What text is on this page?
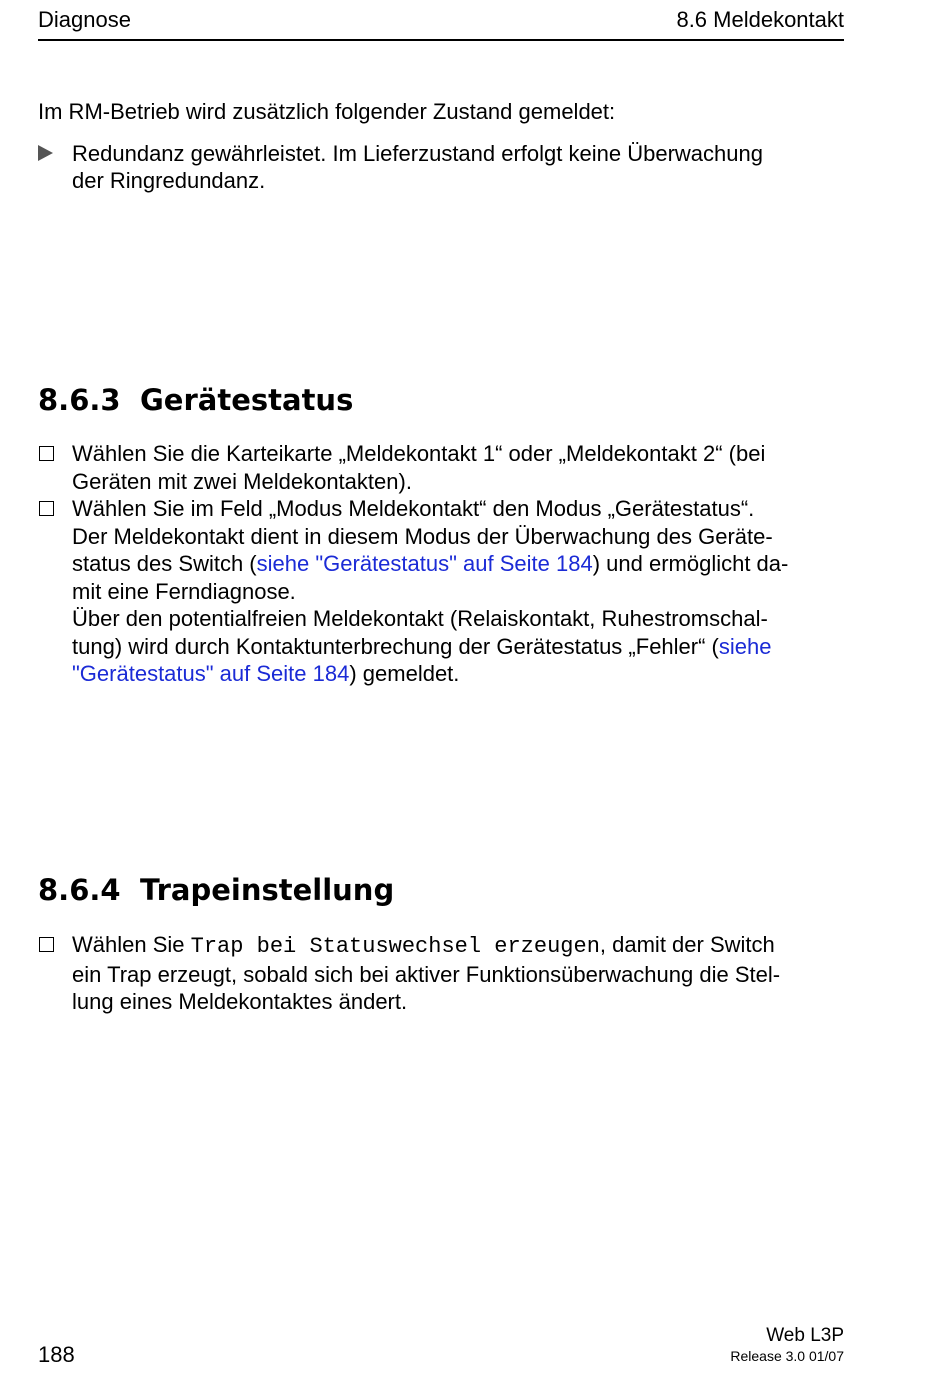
Diagnose	8.6 Meldekontakt
Im RM-Betrieb wird zusätzlich folgender Zustand gemeldet:
Redundanz gewährleistet. Im Lieferzustand erfolgt keine Überwachung
der Ringredundanz.
8.6.3 Gerätestatus
Wählen Sie die Karteikarte „Meldekontakt 1“ oder „Meldekontakt 2“ (bei
Geräten mit zwei Meldekontakten).
Wählen Sie im Feld „Modus Meldekontakt“ den Modus „Gerätestatus“.
Der Meldekontakt dient in diesem Modus der Überwachung des Geräte-
status des Switch (siehe "Gerätestatus" auf Seite 184) und ermöglicht da-
mit eine Ferndiagnose.
Über den potentialfreien Meldekontakt (Relaiskontakt, Ruhestromschal-
tung) wird durch Kontaktunterbrechung der Gerätestatus „Fehler“ (siehe
"Gerätestatus" auf Seite 184) gemeldet.
8.6.4 Trapeinstellung
Wählen Sie Trap bei Statuswechsel erzeugen, damit der Switch
ein Trap erzeugt, sobald sich bei aktiver Funktionsüberwachung die Stel-
lung eines Meldekontaktes ändert.
188
Web L3P
Release 3.0 01/07
